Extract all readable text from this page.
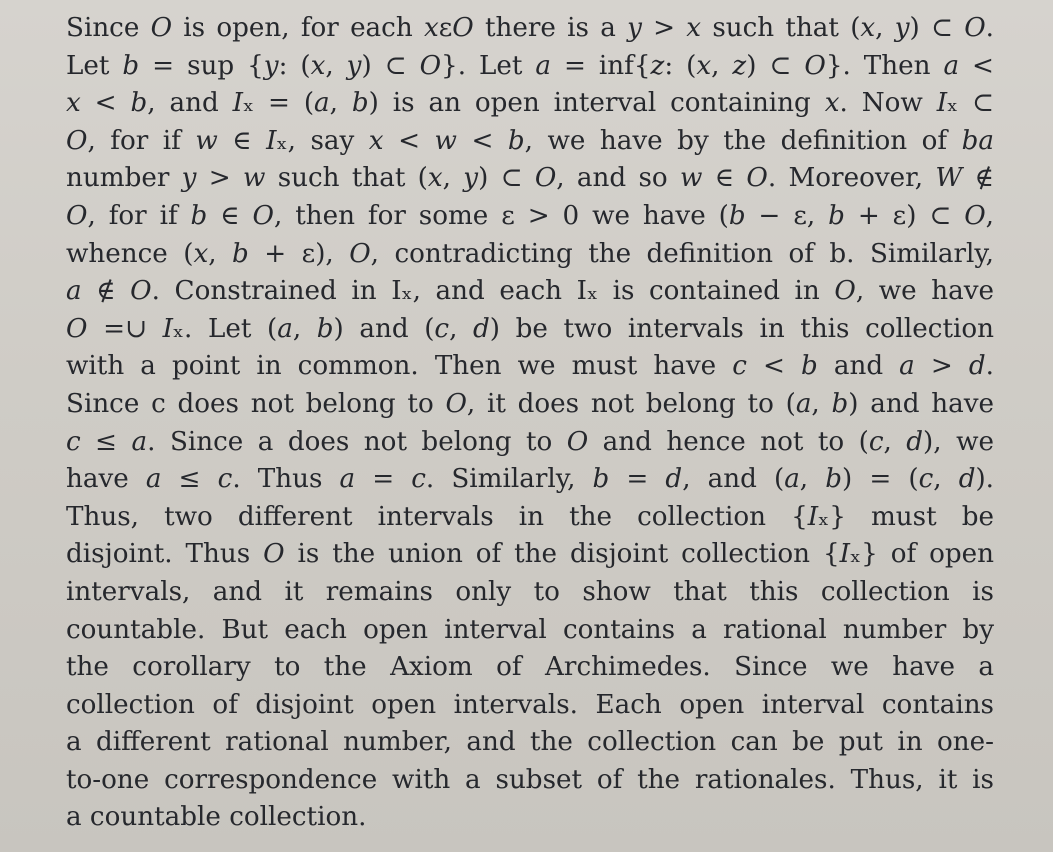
Since 𝑂 is open, for each 𝑥ε𝑂 there is a 𝑦 > 𝑥 such that (𝑥, 𝑦) ⊂ 𝑂.
Let 𝑏 = sup {𝑦: (𝑥, 𝑦) ⊂ 𝑂}. Let 𝑎 = inf{𝑧: (𝑥, 𝑧) ⊂ 𝑂}. Then 𝑎 <
𝑥 < 𝑏, and 𝐼ₓ = (𝑎, 𝑏) is an open interval containing 𝑥. Now 𝐼ₓ ⊂
𝑂, for if 𝑤 ∈ 𝐼ₓ, say 𝑥 < 𝑤 < 𝑏, we have by the definition of 𝑏𝑎
number 𝑦 > 𝑤 such that (𝑥, 𝑦) ⊂ 𝑂, and so 𝑤 ∈ 𝑂. Moreover, 𝑊 ∉
𝑂, for if 𝑏 ∈ 𝑂, then for some ε > 0 we have (𝑏 − ε, 𝑏 + ε) ⊂ 𝑂,
whence (𝑥, 𝑏 + ε), 𝑂, contradicting the definition of b. Similarly,
𝑎 ∉ 𝑂. Constrained in Iₓ, and each Iₓ is contained in 𝑂, we have
𝑂 =∪ 𝐼ₓ. Let (𝑎, 𝑏) and (𝑐, 𝑑) be two intervals in this collection
with a point in common. Then we must have 𝑐 < 𝑏 and 𝑎 > 𝑑.
Since c does not belong to 𝑂, it does not belong to (𝑎, 𝑏) and have
𝑐 ≤ 𝑎. Since a does not belong to 𝑂 and hence not to (𝑐, 𝑑), we
have 𝑎 ≤ 𝑐. Thus 𝑎 = 𝑐. Similarly, 𝑏 = 𝑑, and (𝑎, 𝑏) = (𝑐, 𝑑).
Thus, two different intervals in the collection {𝐼ₓ} must be
disjoint. Thus 𝑂 is the union of the disjoint collection {𝐼ₓ} of open
intervals, and it remains only to show that this collection is
countable. But each open interval contains a rational number by
the corollary to the Axiom of Archimedes. Since we have a
collection of disjoint open intervals. Each open interval contains
a different rational number, and the collection can be put in one-
to-one correspondence with a subset of the rationales. Thus, it is
a countable collection.
